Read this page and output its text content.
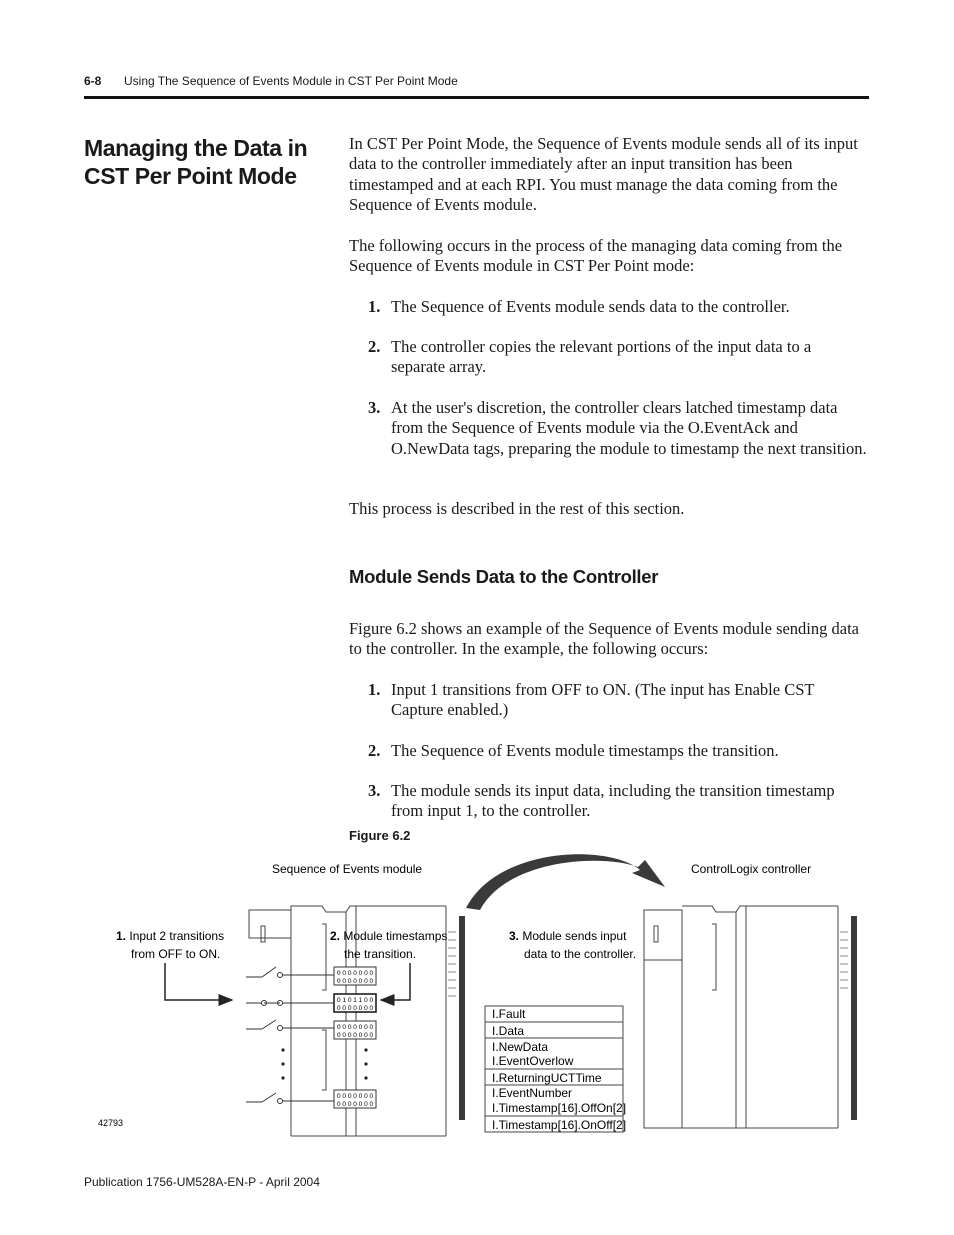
6-8 Using The Sequence of Events Module in CST Per Point Mode
Managing the Data in CST Per Point Mode
In CST Per Point Mode, the Sequence of Events module sends all of its input data to the controller immediately after an input transition has been timestamped and at each RPI. You must manage the data coming from the Sequence of Events module.
The following occurs in the process of the managing data coming from the Sequence of Events module in CST Per Point mode:
1. The Sequence of Events module sends data to the controller.
2. The controller copies the relevant portions of the input data to a separate array.
3. At the user's discretion, the controller clears latched timestamp data from the Sequence of Events module via the O.EventAck and O.NewData tags, preparing the module to timestamp the next transition.
This process is described in the rest of this section.
Module Sends Data to the Controller
Figure 6.2 shows an example of the Sequence of Events module sending data to the controller. In the example, the following occurs:
1. Input 1 transitions from OFF to ON. (The input has Enable CST Capture enabled.)
2. The Sequence of Events module timestamps the transition.
3. The module sends its input data, including the transition timestamp from input 1, to the controller.
Figure 6.2
Sequence of Events module	ControlLogix controller
0 0 0 0 0 0 0
0 0 0 0 0 0 0
0 1 0 1 1 0 0
0 0 0 0 0 0 0
0 0 0 0 0 0 0
0 0 0 0 0 0 0
0 0 0 0 0 0 0
0 0 0 0 0 0 0
1. Input 2 transitions
from OFF to ON.
2. Module timestamps
the transition.
3. Module sends input
data to the controller.
I.Fault
I.Data
I.NewData
I.EventOverlow
I.ReturningUCTTime
I.EventNumber
I.Timestamp[16].OffOn[2]
I.Timestamp[16].OnOff[2]
42793
Publication 1756-UM528A-EN-P - April 2004
